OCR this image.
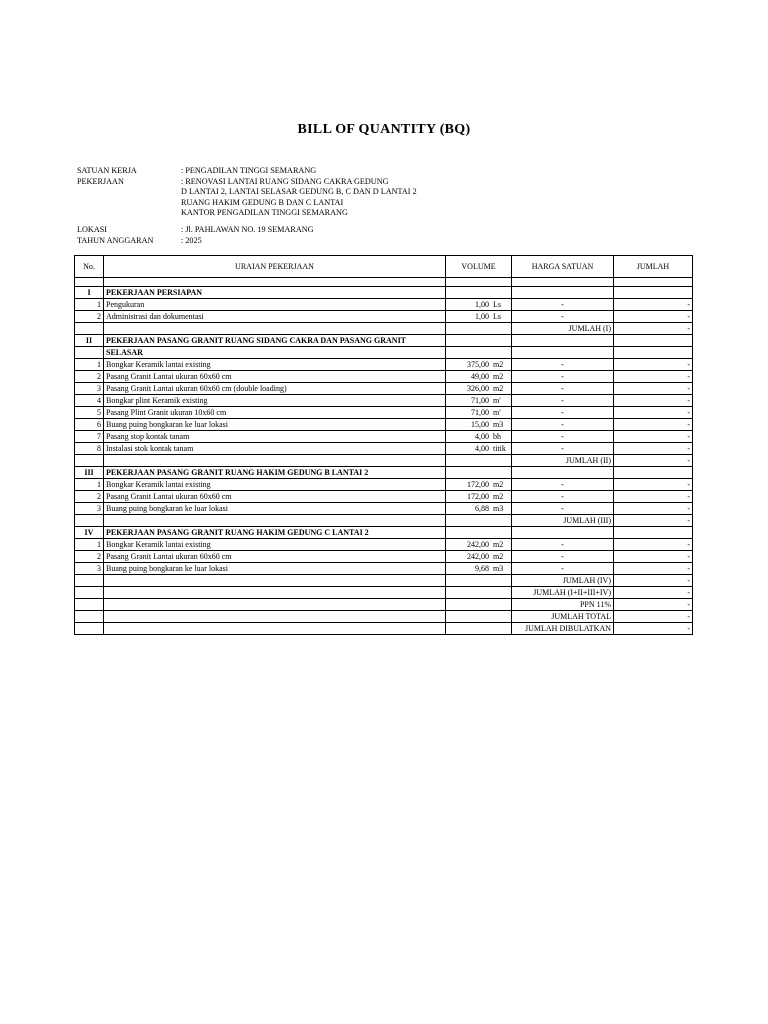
BILL OF QUANTITY (BQ)
SATUAN KERJA	: PENGADILAN TINGGI SEMARANG
PEKERJAAN	: RENOVASI LANTAI RUANG SIDANG CAKRA GEDUNG
D LANTAI 2, LANTAI SELASAR GEDUNG B, C DAN D LANTAI 2
RUANG HAKIM GEDUNG B DAN C LANTAI
KANTOR PENGADILAN TINGGI SEMARANG
LOKASI	: Jl. PAHLAWAN NO. 19 SEMARANG
TAHUN ANGGARAN	: 2025
No.	URAIAN PEKERJAAN	VOLUME	HARGA SATUAN	JUMLAH

I	PEKERJAAN PERSIAPAN			
1	Pengukuran	1,00 Ls	-	-
2	Administrasi dan dokumentasi	1,00 Ls	-	-
			JUMLAH (I)	-
II	PEKERJAAN PASANG GRANIT RUANG SIDANG CAKRA DAN PASANG GRANIT			
	SELASAR			
1	Bongkar Keramik lantai existing	375,00 m2	-	-
2	Pasang Granit Lantai ukuran 60x60 cm	49,00 m2	-	-
3	Pasang Granit Lantai ukuran 60x60 cm (double loading)	326,00 m2	-	-
4	Bongkar plint Keramik existing	71,00 m'	-	-
5	Pasang Plint Granit ukuran 10x60 cm	71,00 m'	-	-
6	Buang puing bongkaran ke luar lokasi	15,00 m3	-	-
7	Pasang stop kontak tanam	4,00 bh	-	-
8	Instalasi stok kontak tanam	4,00 titik	-	-
			JUMLAH (II)	-
III	PEKERJAAN PASANG GRANIT RUANG HAKIM GEDUNG B LANTAI 2			
1	Bongkar Keramik lantai existing	172,00 m2	-	-
2	Pasang Granit Lantai ukuran 60x60 cm	172,00 m2	-	-
3	Buang puing bongkaran ke luar lokasi	6,88 m3	-	-
			JUMLAH (III)	-
IV	PEKERJAAN PASANG GRANIT RUANG HAKIM GEDUNG C LANTAI 2			
1	Bongkar Keramik lantai existing	242,00 m2	-	-
2	Pasang Granit Lantai ukuran 60x60 cm	242,00 m2	-	-
3	Buang puing bongkaran ke luar lokasi	9,68 m3	-	-
			JUMLAH (IV)	-
			JUMLAH (I+II+III+IV)	-
			PPN 11%	-
			JUMLAH TOTAL	-
			JUMLAH DIBULATKAN	-
